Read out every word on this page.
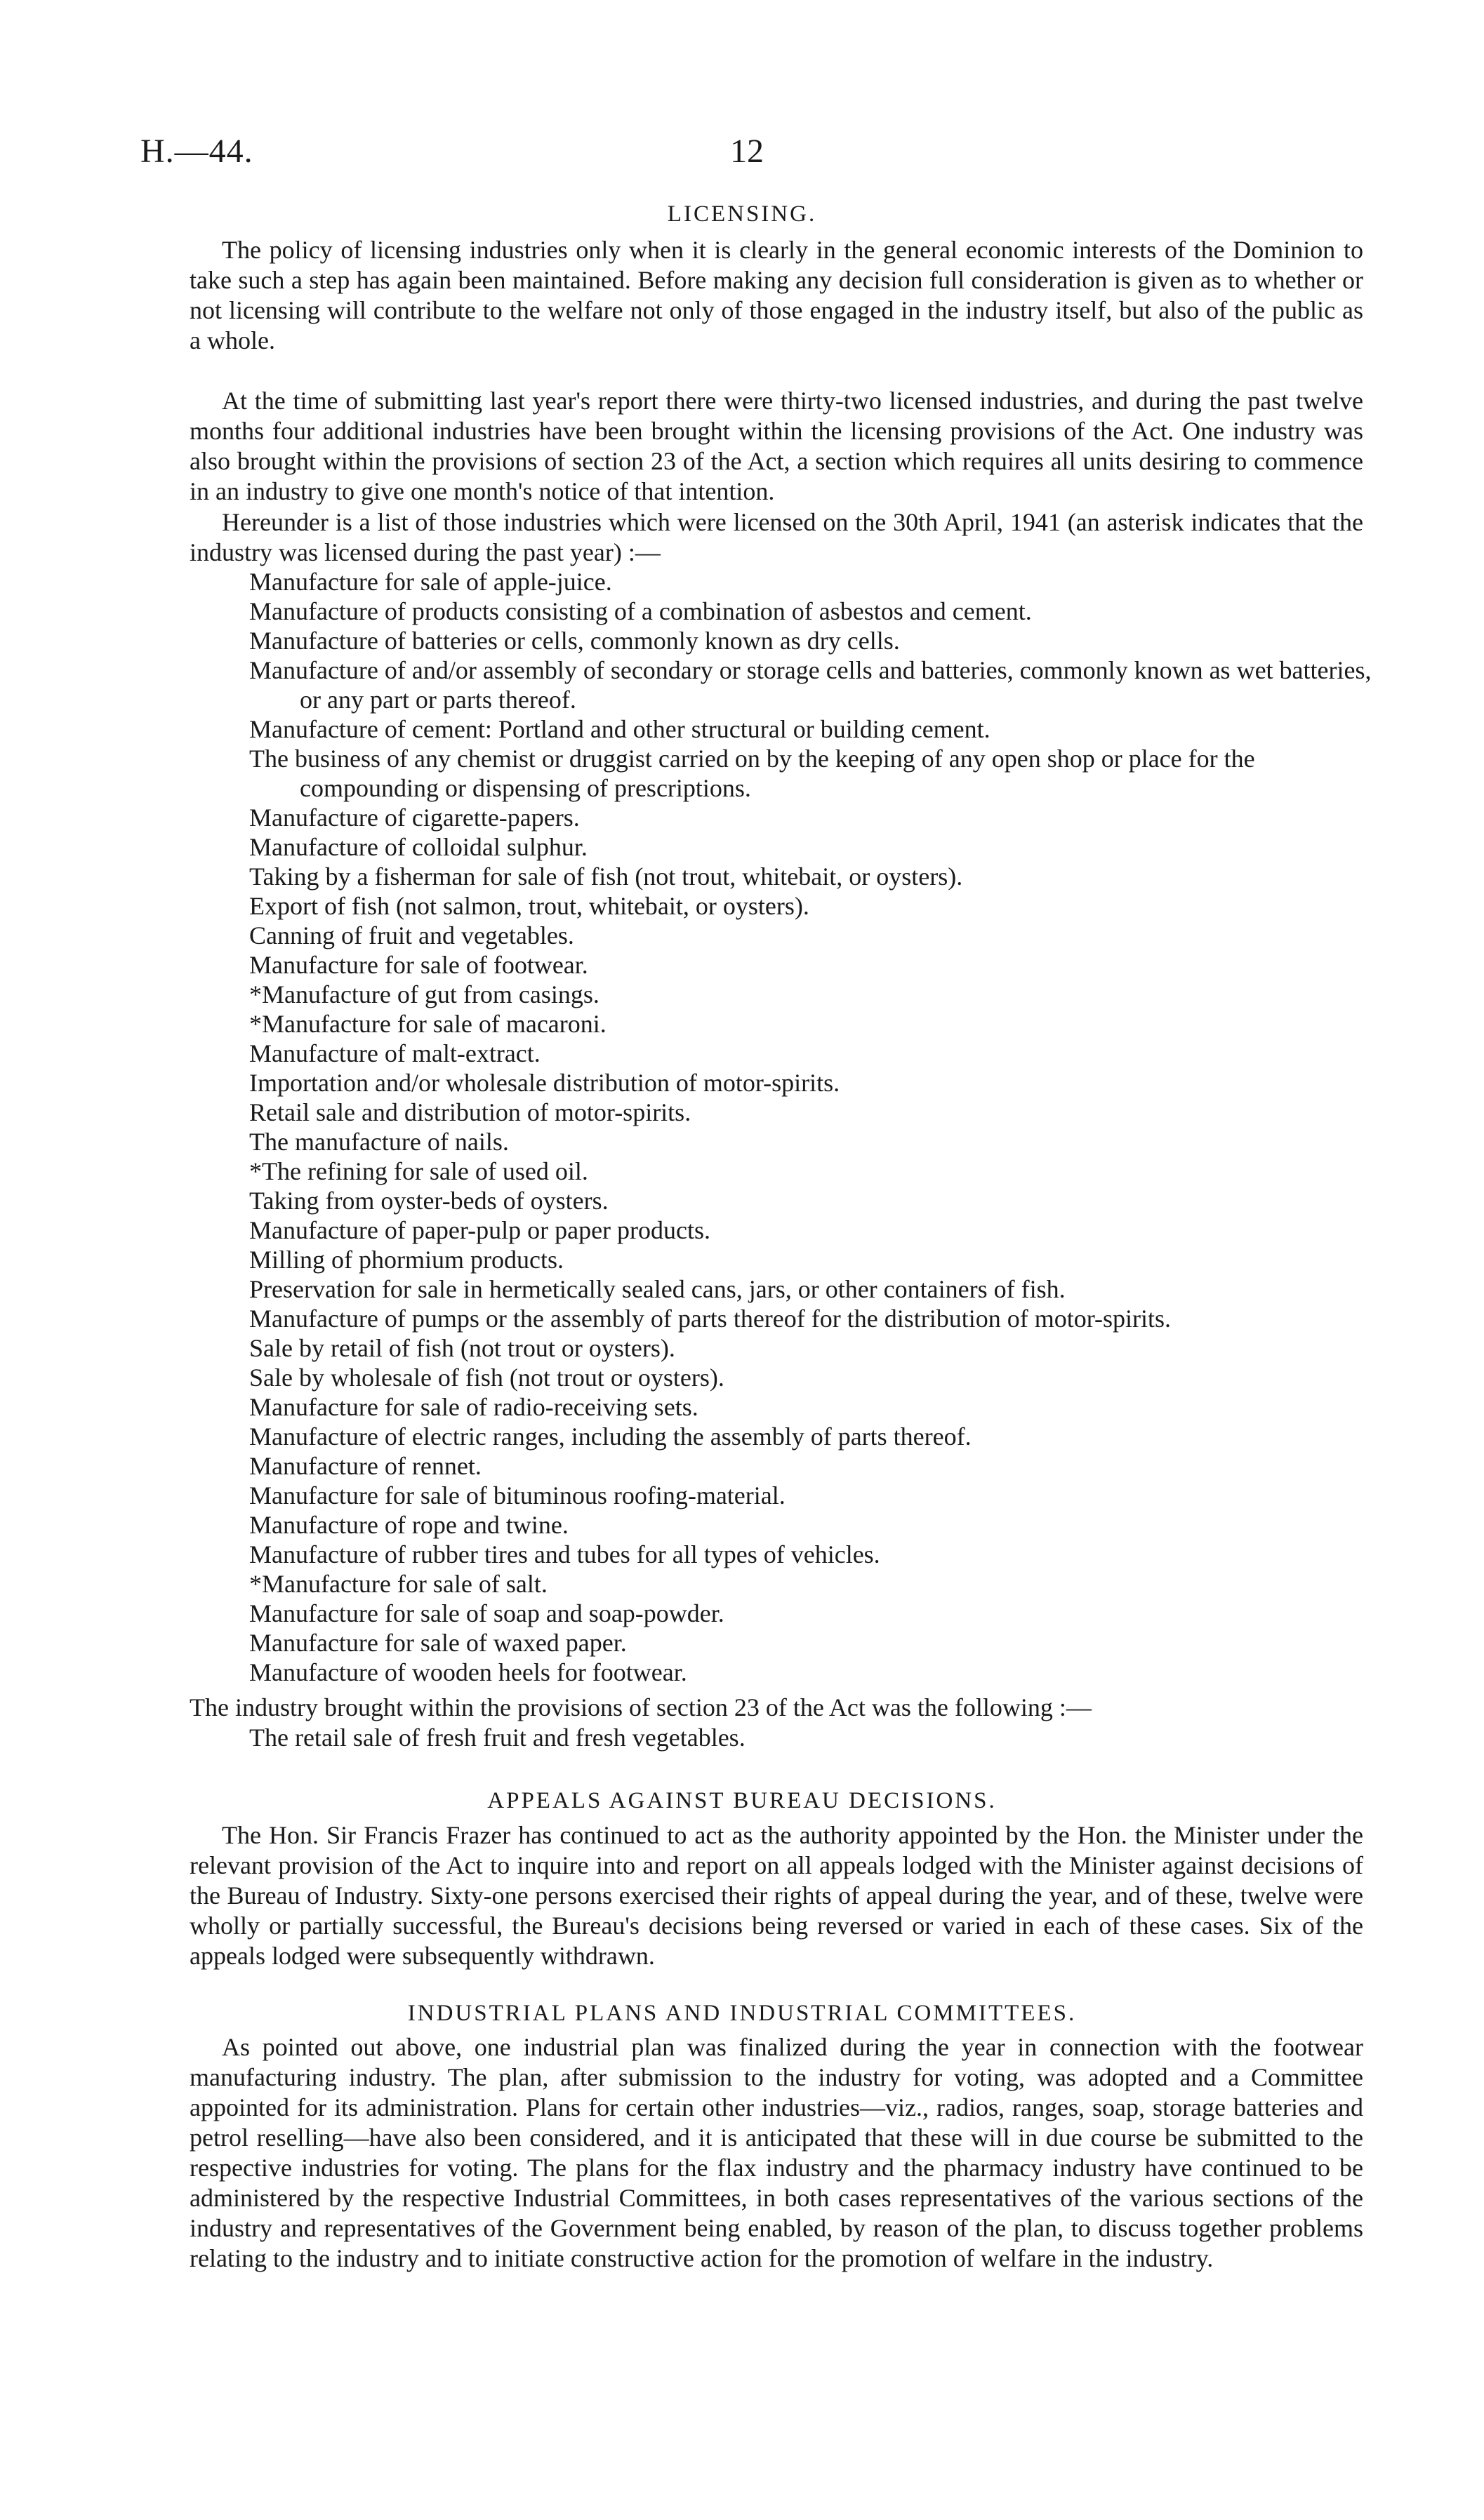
H.—44.	12
LICENSING.

The policy of licensing industries only when it is clearly in the general economic interests of the Dominion to take such a step has again been maintained. Before making any decision full consideration is given as to whether or not licensing will contribute to the welfare not only of those engaged in the industry itself, but also of the public as a whole.

At the time of submitting last year's report there were thirty-two licensed industries, and during the past twelve months four additional industries have been brought within the licensing provisions of the Act. One industry was also brought within the provisions of section 23 of the Act, a section which requires all units desiring to commence in an industry to give one month's notice of that intention.

Hereunder is a list of those industries which were licensed on the 30th April, 1941 (an asterisk indicates that the industry was licensed during the past year) :—

Manufacture for sale of apple-juice.
Manufacture of products consisting of a combination of asbestos and cement.
Manufacture of batteries or cells, commonly known as dry cells.
Manufacture of and/or assembly of secondary or storage cells and batteries, commonly known as wet batteries, or any part or parts thereof.
Manufacture of cement: Portland and other structural or building cement.
The business of any chemist or druggist carried on by the keeping of any open shop or place for the compounding or dispensing of prescriptions.
Manufacture of cigarette-papers.
Manufacture of colloidal sulphur.
Taking by a fisherman for sale of fish (not trout, whitebait, or oysters).
Export of fish (not salmon, trout, whitebait, or oysters).
Canning of fruit and vegetables.
Manufacture for sale of footwear.
*Manufacture of gut from casings.
*Manufacture for sale of macaroni.
Manufacture of malt-extract.
Importation and/or wholesale distribution of motor-spirits.
Retail sale and distribution of motor-spirits.
The manufacture of nails.
*The refining for sale of used oil.
Taking from oyster-beds of oysters.
Manufacture of paper-pulp or paper products.
Milling of phormium products.
Preservation for sale in hermetically sealed cans, jars, or other containers of fish.
Manufacture of pumps or the assembly of parts thereof for the distribution of motor-spirits.
Sale by retail of fish (not trout or oysters).
Sale by wholesale of fish (not trout or oysters).
Manufacture for sale of radio-receiving sets.
Manufacture of electric ranges, including the assembly of parts thereof.
Manufacture of rennet.
Manufacture for sale of bituminous roofing-material.
Manufacture of rope and twine.
Manufacture of rubber tires and tubes for all types of vehicles.
*Manufacture for sale of salt.
Manufacture for sale of soap and soap-powder.
Manufacture for sale of waxed paper.
Manufacture of wooden heels for footwear.
The industry brought within the provisions of section 23 of the Act was the following :—
The retail sale of fresh fruit and fresh vegetables.
APPEALS AGAINST BUREAU DECISIONS.

The Hon. Sir Francis Frazer has continued to act as the authority appointed by the Hon. the Minister under the relevant provision of the Act to inquire into and report on all appeals lodged with the Minister against decisions of the Bureau of Industry. Sixty-one persons exercised their rights of appeal during the year, and of these, twelve were wholly or partially successful, the Bureau's decisions being reversed or varied in each of these cases. Six of the appeals lodged were subsequently withdrawn.

INDUSTRIAL PLANS AND INDUSTRIAL COMMITTEES.

As pointed out above, one industrial plan was finalized during the year in connection with the footwear manufacturing industry. The plan, after submission to the industry for voting, was adopted and a Committee appointed for its administration. Plans for certain other industries—viz., radios, ranges, soap, storage batteries and petrol reselling—have also been considered, and it is anticipated that these will in due course be submitted to the respective industries for voting. The plans for the flax industry and the pharmacy industry have continued to be administered by the respective Industrial Committees, in both cases representatives of the various sections of the industry and representatives of the Government being enabled, by reason of the plan, to discuss together problems relating to the industry and to initiate constructive action for the promotion of welfare in the industry.
